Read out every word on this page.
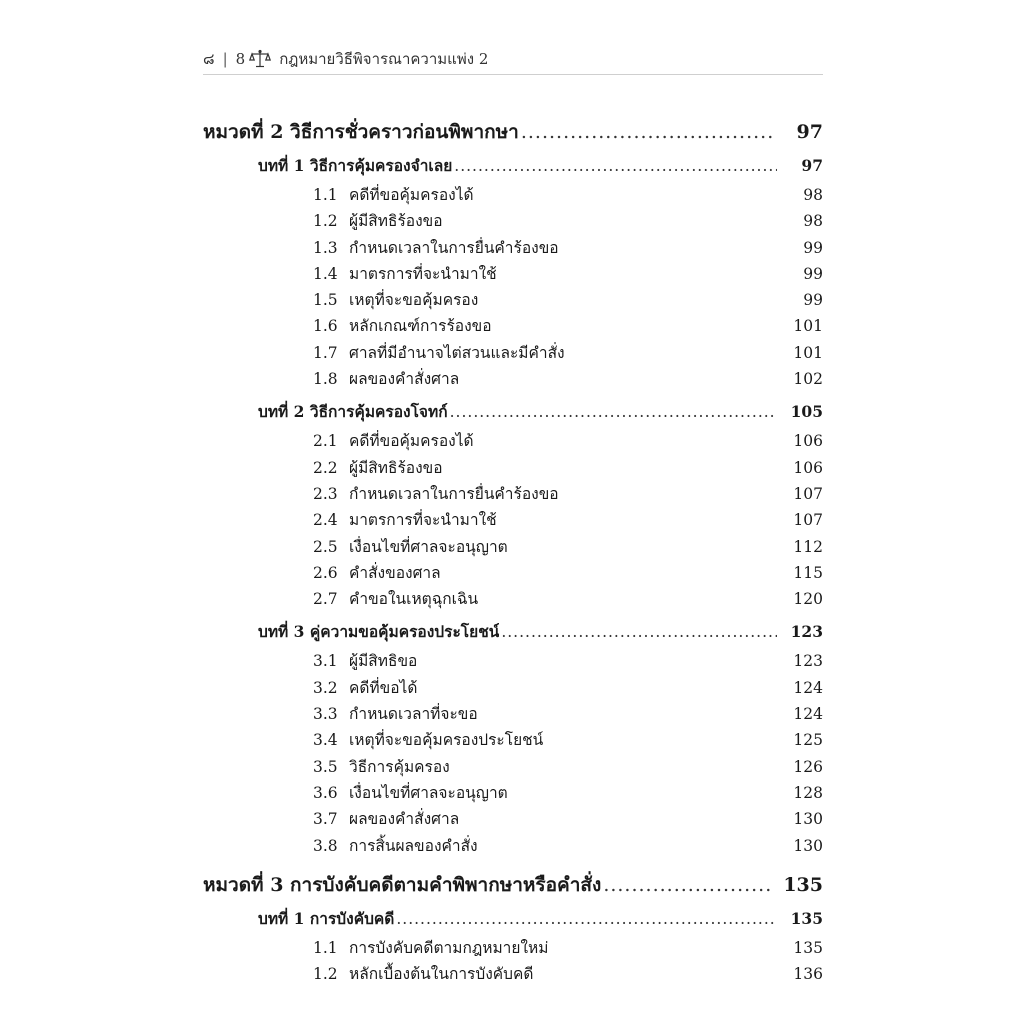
๘ | 8 กฎหมายวิธีพิจารณาความแพ่ง 2
หมวดที่ 2 วิธีการชั่วคราวก่อนพิพากษา .....	97
บทที่ 1 วิธีการคุ้มครองจำเลย .....	97
1.1 คดีที่ขอคุ้มครองได้	98
1.2 ผู้มีสิทธิร้องขอ	98
1.3 กำหนดเวลาในการยื่นคำร้องขอ	99
1.4 มาตรการที่จะนำมาใช้	99
1.5 เหตุที่จะขอคุ้มครอง	99
1.6 หลักเกณฑ์การร้องขอ	101
1.7 ศาลที่มีอำนาจไต่สวนและมีคำสั่ง	101
1.8 ผลของคำสั่งศาล	102
บทที่ 2 วิธีการคุ้มครองโจทก์ .....	105
2.1 คดีที่ขอคุ้มครองได้	106
2.2 ผู้มีสิทธิร้องขอ	106
2.3 กำหนดเวลาในการยื่นคำร้องขอ	107
2.4 มาตรการที่จะนำมาใช้	107
2.5 เงื่อนไขที่ศาลจะอนุญาต	112
2.6 คำสั่งของศาล	115
2.7 คำขอในเหตุฉุกเฉิน	120
บทที่ 3 คู่ความขอคุ้มครองประโยชน์ .....	123
3.1 ผู้มีสิทธิขอ	123
3.2 คดีที่ขอได้	124
3.3 กำหนดเวลาที่จะขอ	124
3.4 เหตุที่จะขอคุ้มครองประโยชน์	125
3.5 วิธีการคุ้มครอง	126
3.6 เงื่อนไขที่ศาลจะอนุญาต	128
3.7 ผลของคำสั่งศาล	130
3.8 การสิ้นผลของคำสั่ง	130
หมวดที่ 3 การบังคับคดีตามคำพิพากษาหรือคำสั่ง .....	135
บทที่ 1 การบังคับคดี .....	135
1.1 การบังคับคดีตามกฎหมายใหม่	135
1.2 หลักเบื้องต้นในการบังคับคดี	136
